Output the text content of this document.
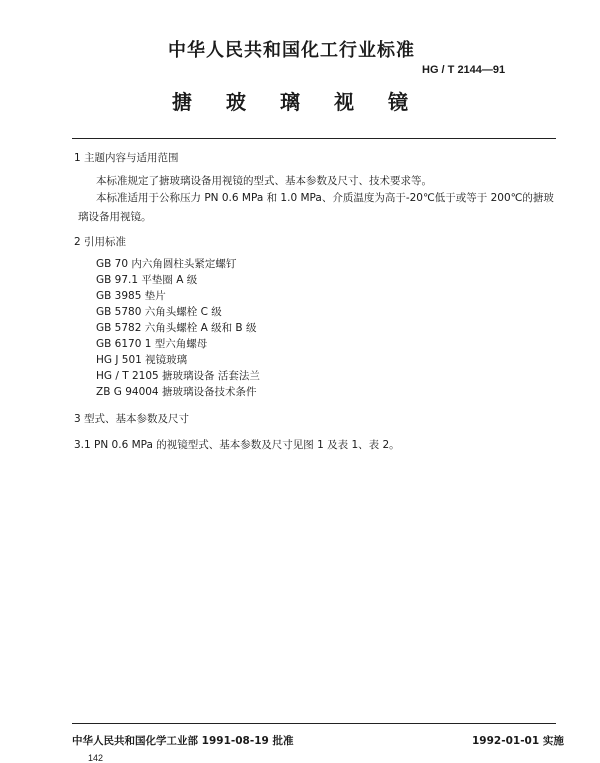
中华人民共和国化工行业标准
HG / T 2144—91
搪玻璃视镜
1 主题内容与适用范围
本标准规定了搪玻璃设备用视镜的型式、基本参数及尺寸、技术要求等。
本标准适用于公称压力 PN 0.6 MPa 和 1.0 MPa、介质温度为高于-20℃低于或等于 200℃的搪玻璃设备用视镜。
2 引用标准
GB 70 内六角圆柱头紧定螺钉
GB 97.1 平垫圈 A 级
GB 3985 垫片
GB 5780 六角头螺栓 C 级
GB 5782 六角头螺栓 A 级和 B 级
GB 6170 1 型六角螺母
HG J 501 视镜玻璃
HG / T 2105 搪玻璃设备 活套法兰
ZB G 94004 搪玻璃设备技术条件
3 型式、基本参数及尺寸
3.1 PN 0.6 MPa 的视镜型式、基本参数及尺寸见图 1 及表 1、表 2。
中华人民共和国化学工业部 1991-08-19 批准	1992-01-01 实施
142
